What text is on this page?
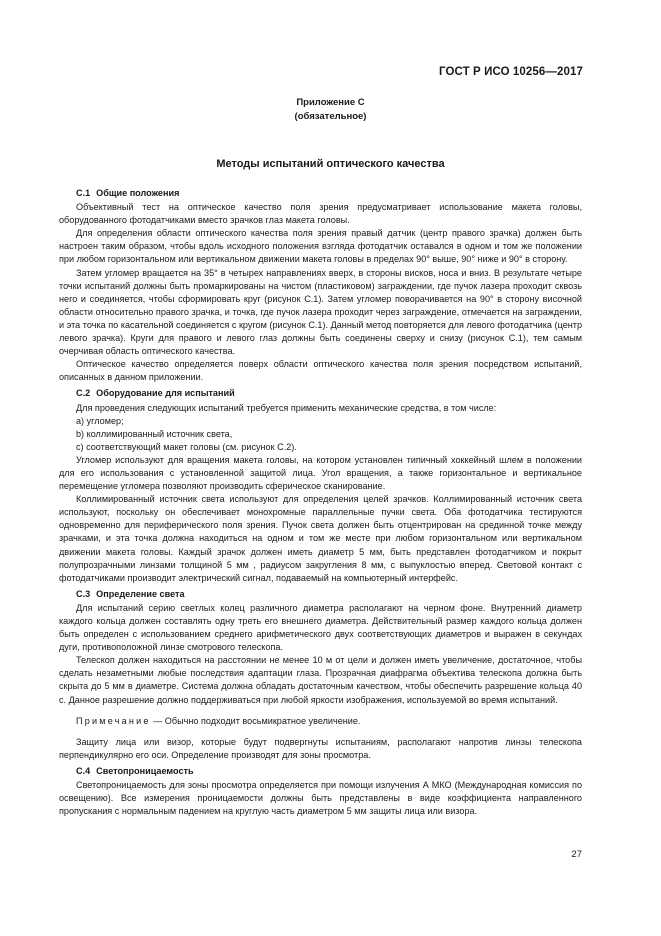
ГОСТ Р ИСО 10256—2017
Приложение С
(обязательное)
Методы испытаний оптического качества
С.1 Общие положения

Объективный тест на оптическое качество поля зрения предусматривает использование макета головы, оборудованного фотодатчиками вместо зрачков глаз макета головы.

Для определения области оптического качества поля зрения правый датчик (центр правого зрачка) должен быть настроен таким образом, чтобы вдоль исходного положения взгляда фотодатчик оставался в одном и том же положении при любом горизонтальном или вертикальном движении макета головы в пределах 90° выше, 90° ниже и 90° в сторону.

Затем угломер вращается на 35° в четырех направлениях вверх, в стороны висков, носа и вниз. В результате четыре точки испытаний должны быть промаркированы на чистом (пластиковом) заграждении, где пучок лазера проходит сквозь него и соединяется, чтобы сформировать круг (рисунок С.1). Затем угломер поворачивается на 90° в сторону височной области относительно правого зрачка, и точка, где пучок лазера проходит через заграждение, отмечается на заграждении, и эта точка по касательной соединяется с кругом (рисунок С.1). Данный метод повторяется для левого фотодатчика (центр левого зрачка). Круги для правого и левого глаз должны быть соединены сверху и снизу (рисунок С.1), тем самым очерчивая область оптического качества.

Оптическое качество определяется поверх области оптического качества поля зрения посредством испытаний, описанных в данном приложении.

С.2 Оборудование для испытаний

Для проведения следующих испытаний требуется применить механические средства, в том числе:

a) угломер;

b) коллимированный источник света,

c) соответствующий макет головы (см. рисунок С.2).

Угломер используют для вращения макета головы, на котором установлен типичный хоккейный шлем в положении для его использования с установленной защитой лица. Угол вращения, а также горизонтальное и вертикальное перемещение угломера позволяют производить сферическое сканирование.

Коллимированный источник света используют для определения целей зрачков. Коллимированный источник света используют, поскольку он обеспечивает монохромные параллельные пучки света. Оба фотодатчика тестируются одновременно для периферического поля зрения. Пучок света должен быть отцентрирован на срединной точке между зрачками, и эта точка должна находиться на одном и том же месте при любом горизонтальном или вертикальном движении макета головы. Каждый зрачок должен иметь диаметр 5 мм, быть представлен фотодатчиком и покрыт полупрозрачными линзами толщиной 5 мм , радиусом закругления 8 мм, с выпуклостью вперед. Световой контакт с фотодатчиками производит электрический сигнал, подаваемый на компьютерный интерфейс.

С.3 Определение света

Для испытаний серию светлых колец различного диаметра располагают на черном фоне. Внутренний диаметр каждого кольца должен составлять одну треть его внешнего диаметра. Действительный размер каждого кольца должен быть определен с использованием среднего арифметического двух соответствующих диаметров и выражен в секундах дуги, противоположной линзе смотрового телескопа.

Телескоп должен находиться на расстоянии не менее 10 м от цели и должен иметь увеличение, достаточное, чтобы сделать незаметными любые последствия адаптации глаза. Прозрачная диафрагма объектива телескопа должна быть скрыта до 5 мм в диаметре. Система должна обладать достаточным качеством, чтобы обеспечить разрешение кольца 40 с. Данное разрешение должно поддерживаться при любой яркости изображения, используемой во время испытаний.

Примечание — Обычно подходит восьмикратное увеличение.

Защиту лица или визор, которые будут подвергнуты испытаниям, располагают напротив линзы телескопа перпендикулярно его оси. Определение производят для зоны просмотра.

С.4 Светопроницаемость

Светопроницаемость для зоны просмотра определяется при помощи излучения А МКО (Международная комиссия по освещению). Все измерения проницаемости должны быть представлены в виде коэффициента направленного пропускания с нормальным падением на круглую часть диаметром 5 мм защиты лица или визора.

27
